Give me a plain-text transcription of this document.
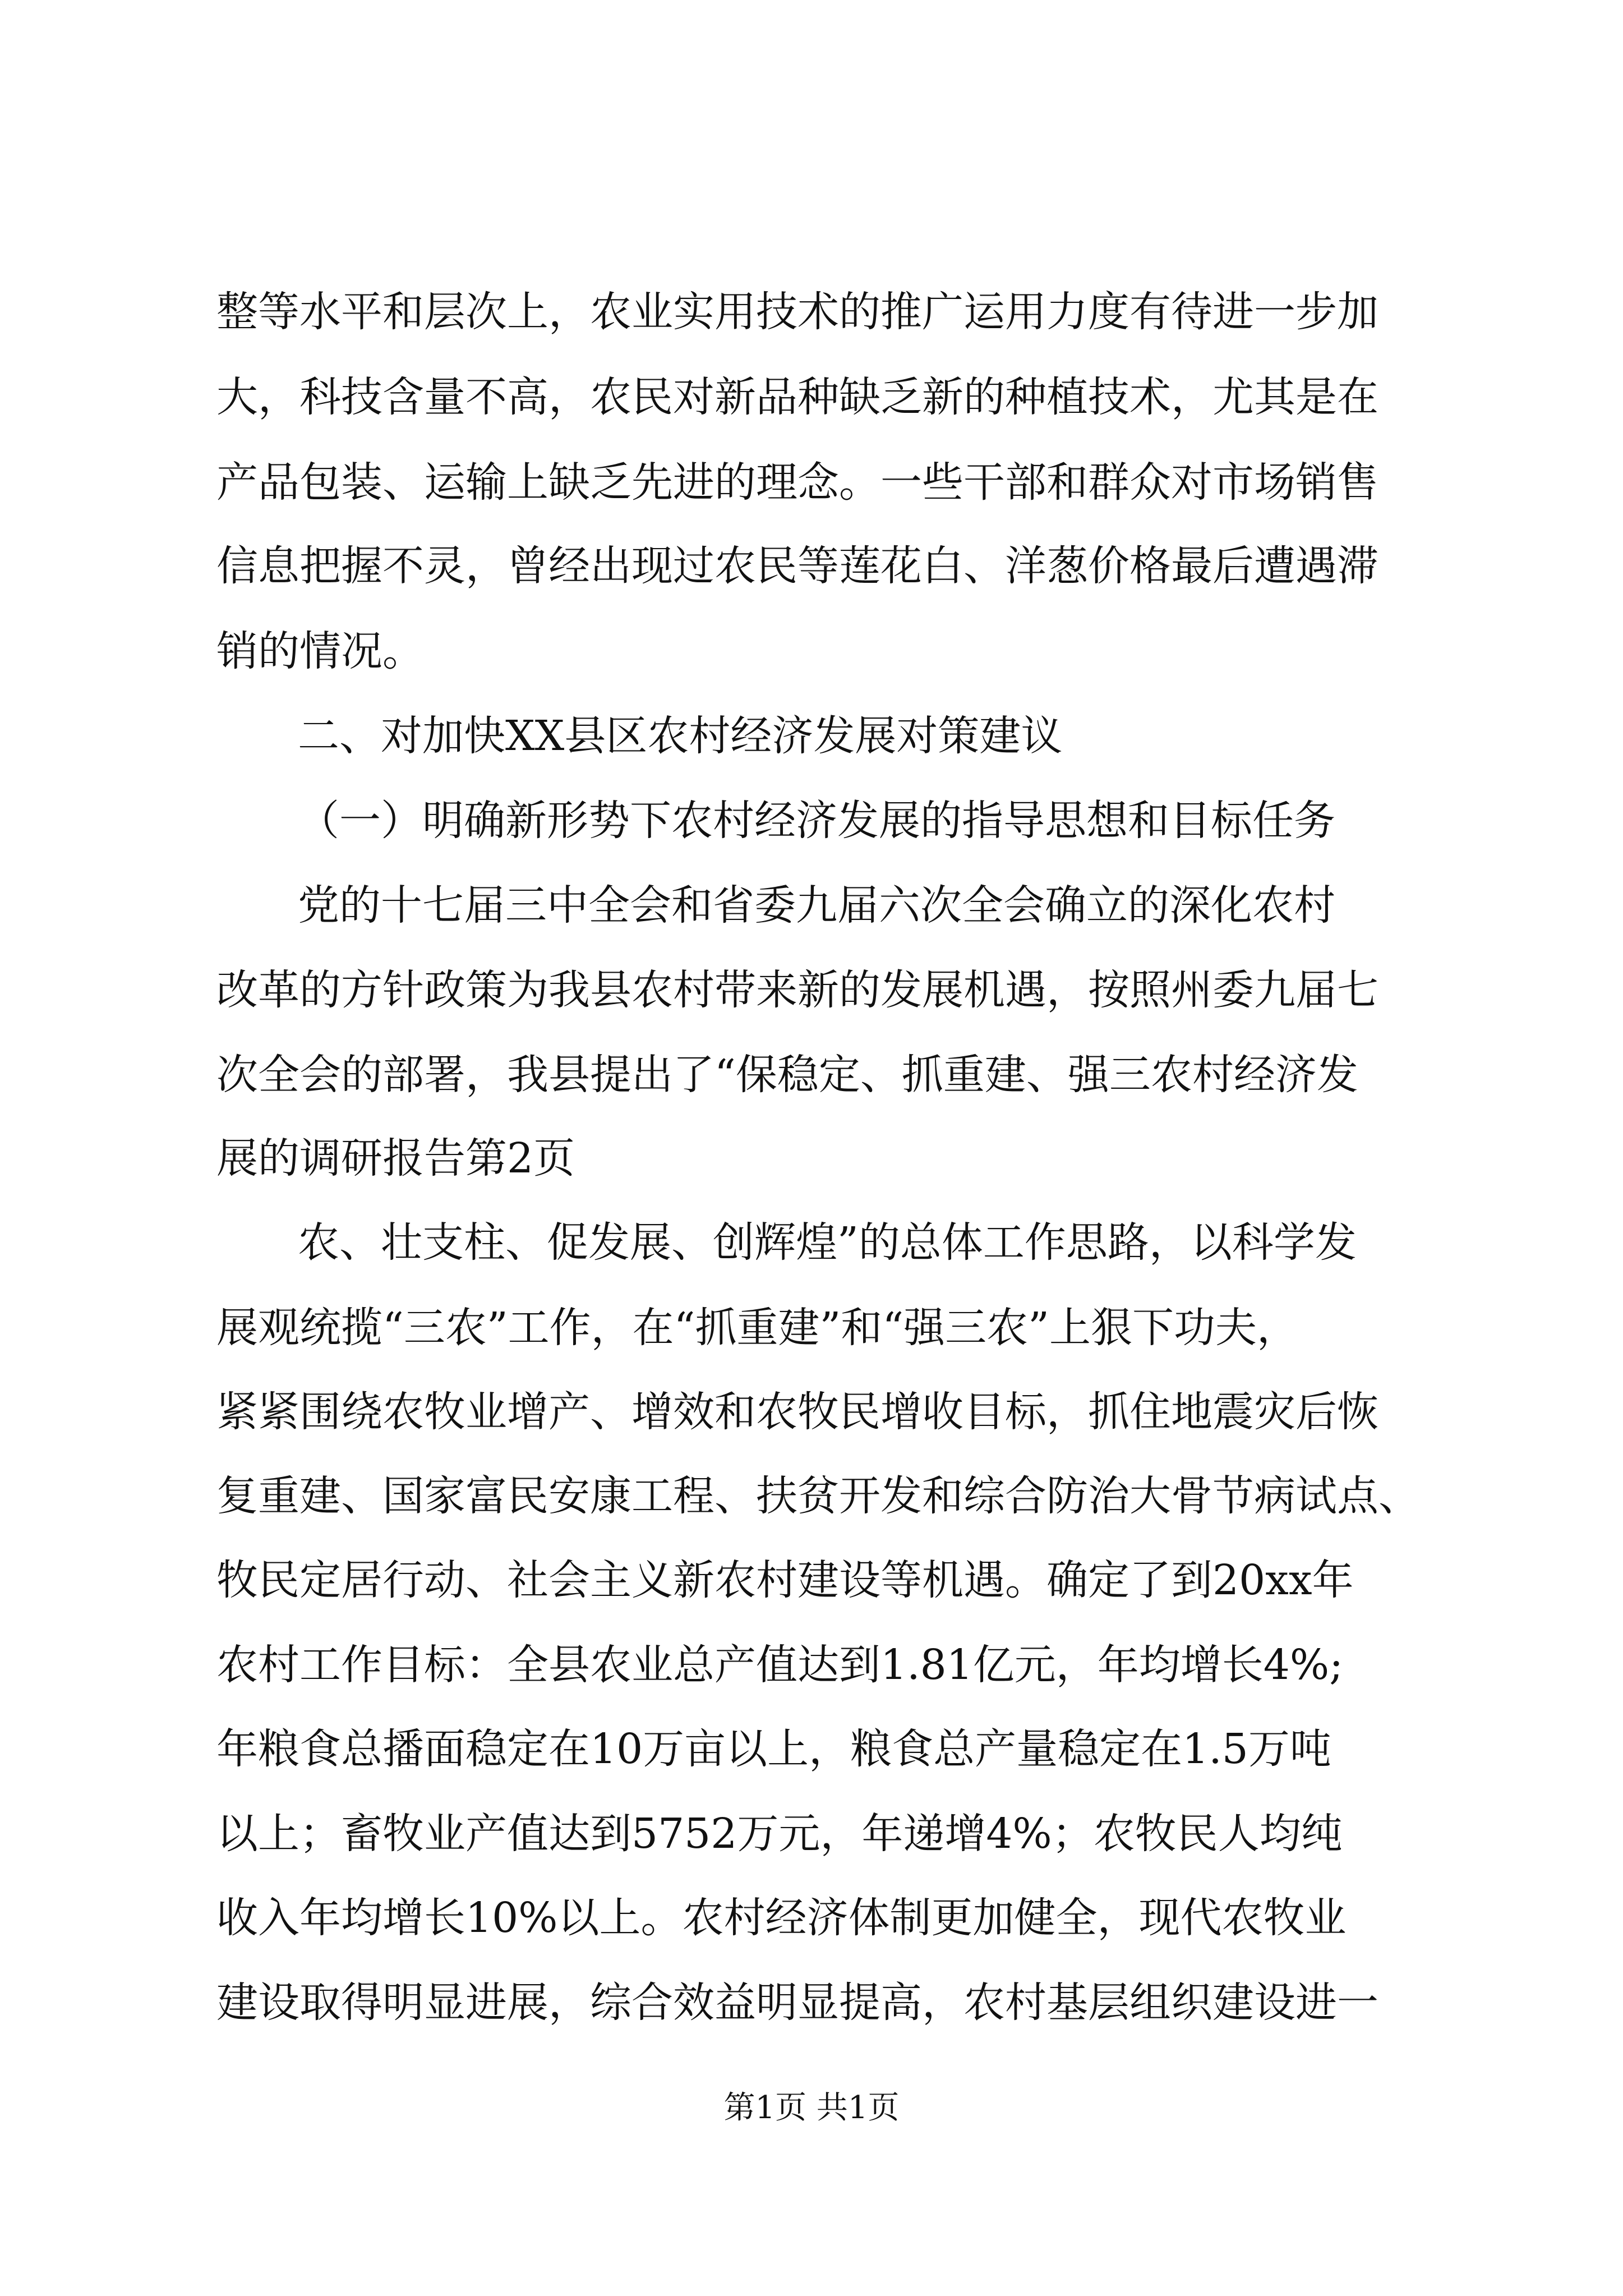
整等水平和层次上，农业实用技术的推广运用力度有待进一步加
大，科技含量不高，农民对新品种缺乏新的种植技术，尤其是在
产品包装、运输上缺乏先进的理念。一些干部和群众对市场销售
信息把握不灵，曾经出现过农民等莲花白、洋葱价格最后遭遇滞
销的情况。
二、对加快XX县区农村经济发展对策建议
（一）明确新形势下农村经济发展的指导思想和目标任务
党的十七届三中全会和省委九届六次全会确立的深化农村
改革的方针政策为我县农村带来新的发展机遇，按照州委九届七
次全会的部署，我县提出了“保稳定、抓重建、强三农村经济发
展的调研报告第2页
农、壮支柱、促发展、创辉煌”的总体工作思路，以科学发
展观统揽“三农”工作，在“抓重建”和“强三农”上狠下功夫，
紧紧围绕农牧业增产、增效和农牧民增收目标，抓住地震灾后恢
复重建、国家富民安康工程、扶贫开发和综合防治大骨节病试点、
牧民定居行动、社会主义新农村建设等机遇。确定了到20xx年
农村工作目标：全县农业总产值达到1.81亿元，年均增长4%;
年粮食总播面稳定在10万亩以上，粮食总产量稳定在1.5万吨
以上；畜牧业产值达到5752万元，年递增4%；农牧民人均纯
收入年均增长10%以上。农村经济体制更加健全，现代农牧业
建设取得明显进展，综合效益明显提高，农村基层组织建设进一
第1页 共1页
